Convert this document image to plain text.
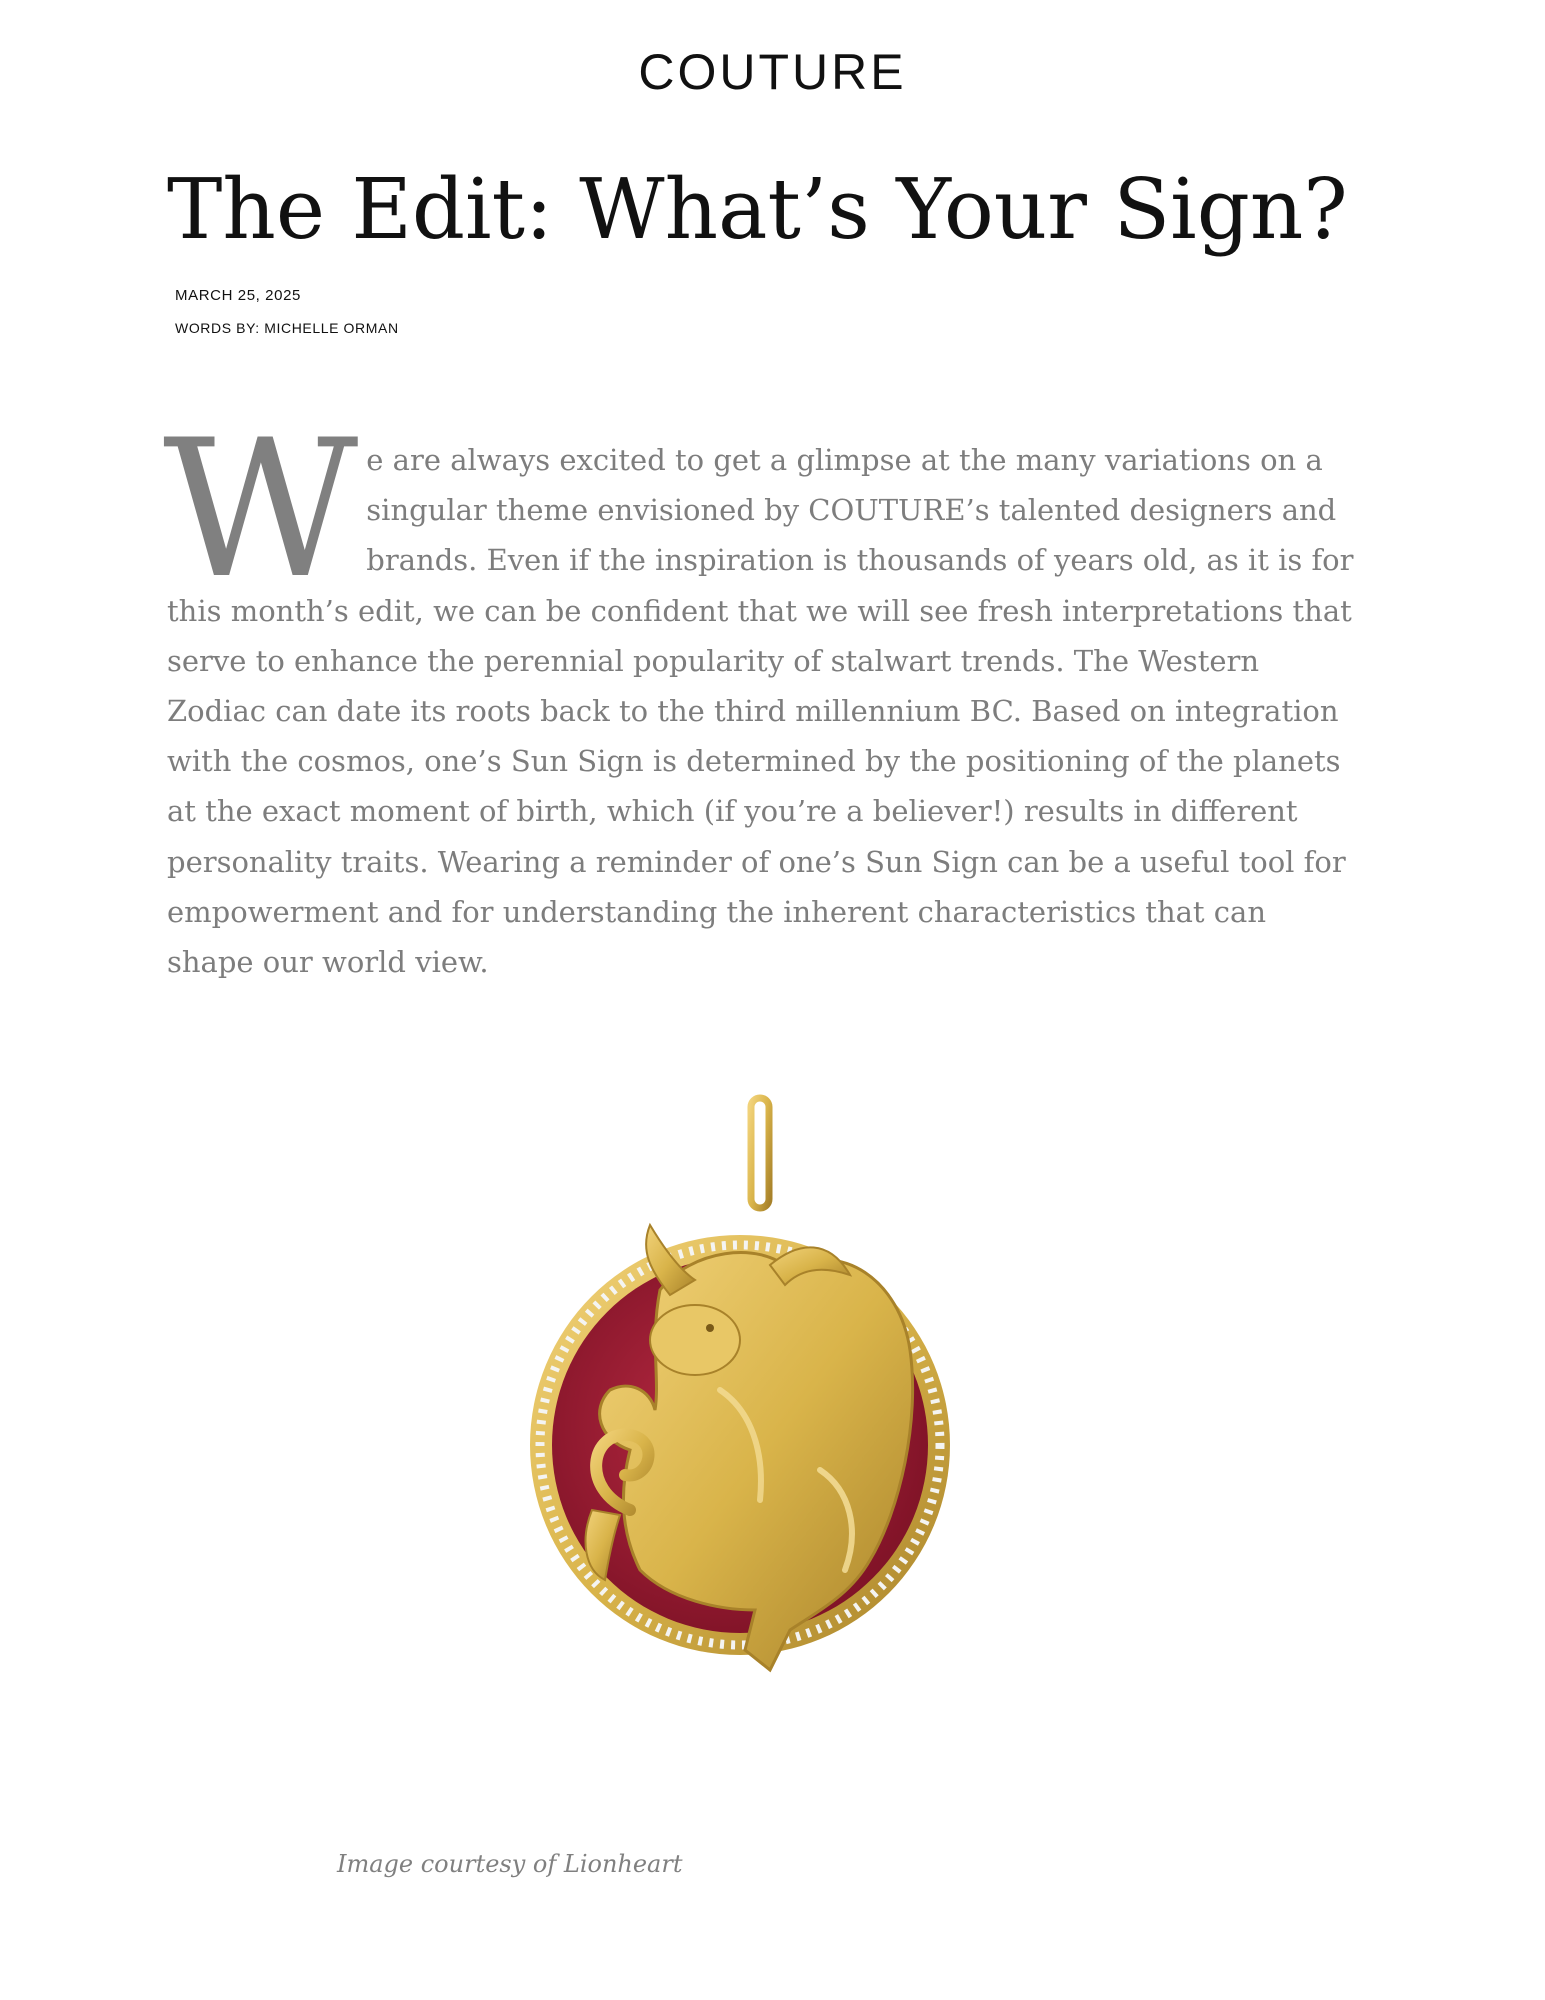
COUTURE
The Edit: What’s Your Sign?
MARCH 25, 2025
WORDS BY: MICHELLE ORMAN
W e are always excited to get a glimpse at the many variations on a
singular theme envisioned by COUTURE’s talented designers and
brands. Even if the inspiration is thousands of years old, as it is for
this month’s edit, we can be confident that we will see fresh interpretations that
serve to enhance the perennial popularity of stalwart trends. The Western
Zodiac can date its roots back to the third millennium BC. Based on integration
with the cosmos, one’s Sun Sign is determined by the positioning of the planets
at the exact moment of birth, which (if you’re a believer!) results in different
personality traits. Wearing a reminder of one’s Sun Sign can be a useful tool for
empowerment and for understanding the inherent characteristics that can
shape our world view.
Image courtesy of Lionheart
